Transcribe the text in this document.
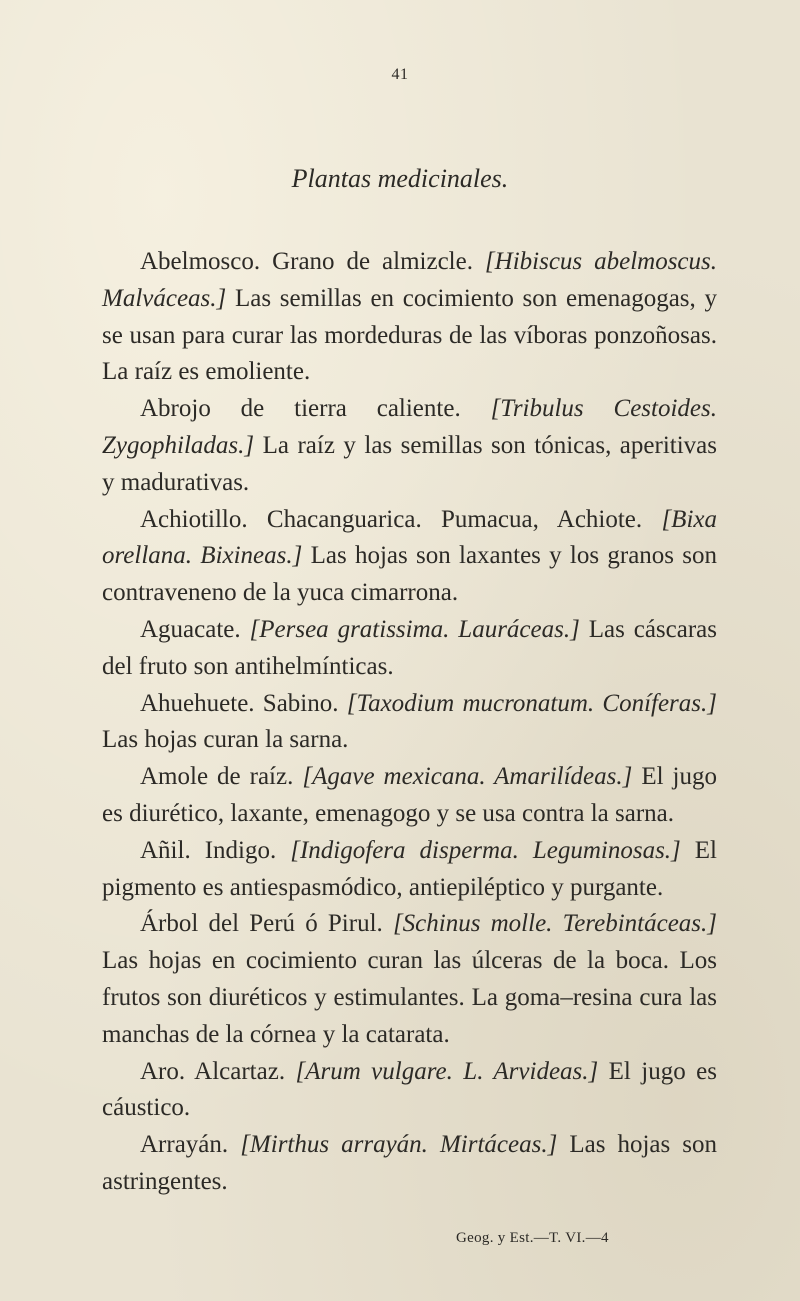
41
Plantas medicinales.

Abelmosco. Grano de almizcle. [Hibiscus abelmoscus. Malváceas.] Las semillas en cocimiento son emenagogas, y se usan para curar las mordeduras de las víboras ponzoñosas. La raíz es emoliente.

Abrojo de tierra caliente. [Tribulus Cestoides. Zygophiladas.] La raíz y las semillas son tónicas, aperitivas y madurativas.

Achiotillo. Chacanguarica. Pumacua, Achiote. [Bixa orellana. Bixineas.] Las hojas son laxantes y los granos son contraveneno de la yuca cimarrona.

Aguacate. [Persea gratissima. Lauráceas.] Las cáscaras del fruto son antihelmínticas.

Ahuehuete. Sabino. [Taxodium mucronatum. Coníferas.] Las hojas curan la sarna.

Amole de raíz. [Agave mexicana. Amarilídeas.] El jugo es diurético, laxante, emenagogo y se usa contra la sarna.

Añil. Indigo. [Indigofera disperma. Leguminosas.] El pigmento es antiespasmódico, antiepiléptico y purgante.

Árbol del Perú ó Pirul. [Schinus molle. Terebintáceas.] Las hojas en cocimiento curan las úlceras de la boca. Los frutos son diuréticos y estimulantes. La goma–resina cura las manchas de la córnea y la catarata.

Aro. Alcartaz. [Arum vulgare. L. Arvideas.] El jugo es cáustico.

Arrayán. [Mirthus arrayán. Mirtáceas.] Las hojas son astringentes.

Geog. y Est.—T. VI.—4
